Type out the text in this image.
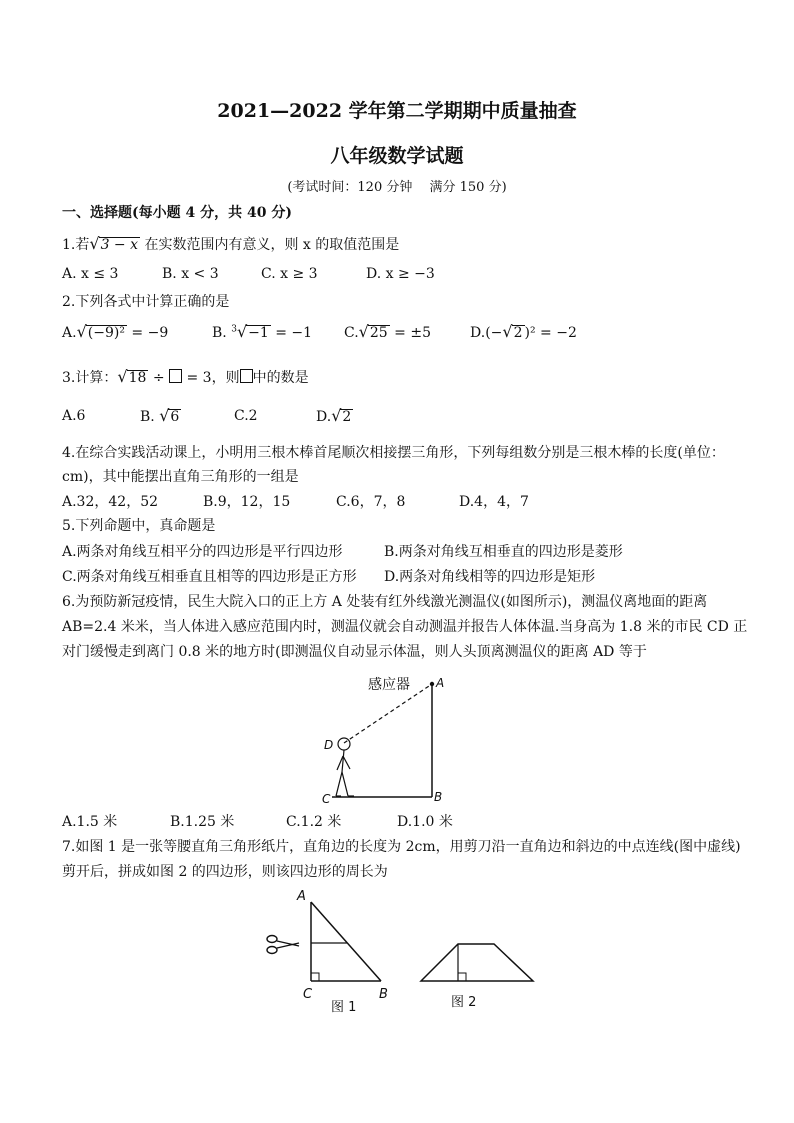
2021—2022 学年第二学期期中质量抽查
八年级数学试题
(考试时间：120 分钟　 满分 150 分)
一、选择题(每小题 4 分，共 40 分)
1.若√3 − x 在实数范围内有意义，则 x 的取值范围是
A. x ≤ 3	B. x < 3	C. x ≥ 3	D. x ≥ −3
2.下列各式中计算正确的是
A.√(−9)² = −9	B. $^3$√−1 = −1 C.√25 = ±5	D.(−√2 )² = −2
3.计算：√18 ÷ = 3，则 中的数是
A.6	B. √6	C.2	D.√2
4.在综合实践活动课上，小明用三根木棒首尾顺次相接摆三角形，下列每组数分别是三根木棒的长度(单位：
cm)，其中能摆出直角三角形的一组是
A.32，42，52	B.9，12，15	C.6，7，8	D.4，4，7
5.下列命题中，真命题是
A.两条对角线互相平分的四边形是平行四边形	B.两条对角线互相垂直的四边形是菱形
C.两条对角线互相垂直且相等的四边形是正方形 D.两条对角线相等的四边形是矩形
6.为预防新冠疫情，民生大院入口的正上方 A 处装有红外线激光测温仪(如图所示)，测温仪离地面的距离
AB=2.4 米米，当人体进入感应范围内时，测温仪就会自动测温并报告人体体温.当身高为 1.8 米的市民 CD 正
对门缓慢走到离门 0.8 米的地方时(即测温仪自动显示体温，则人头顶离测温仪的距离 AD 等于
感应器 A
B
C
D
A.1.5 米	B.1.25 米	C.1.2 米	D.1.0 米
7.如图 1 是一张等腰直角三角形纸片，直角边的长度为 2cm，用剪刀沿一直角边和斜边的中点连线(图中虚线)
剪开后，拼成如图 2 的四边形，则该四边形的周长为
A
C	B
图 1	图 2
